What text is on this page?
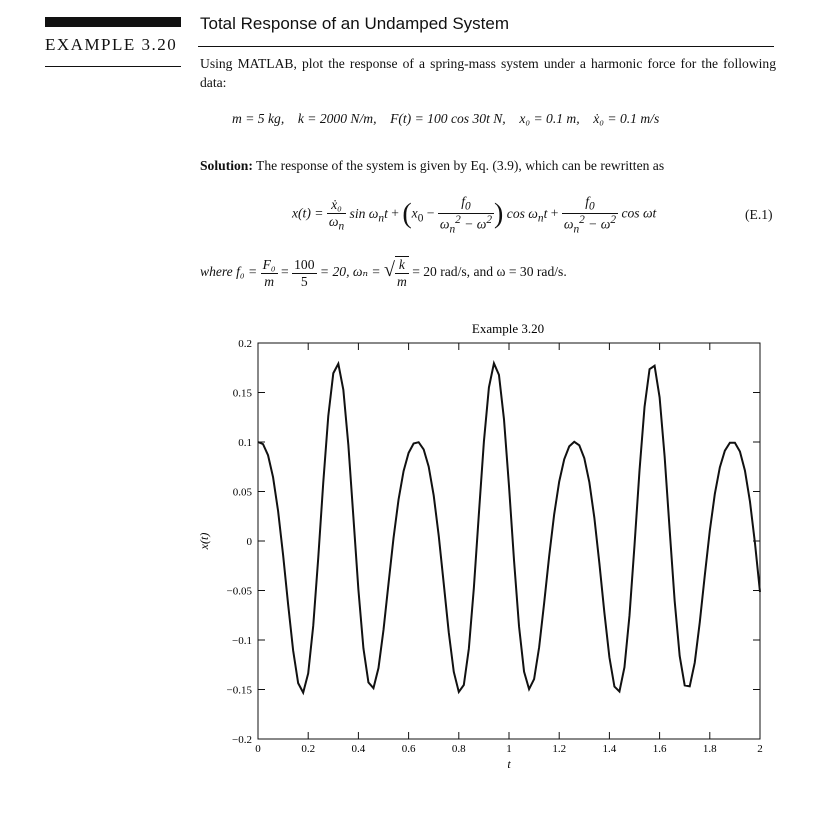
EXAMPLE 3.20
Total Response of an Undamped System
Using MATLAB, plot the response of a spring-mass system under a harmonic force for the following data:
m = 5 kg, k = 2000 N/m, F(t) = 100 cos 30t N, x₀ = 0.1 m, ẋ₀ = 0.1 m/s
Solution: The response of the system is given by Eq. (3.9), which can be rewritten as
$x(t) = \frac{\text{ẋ₀}}{\omega_n}$ $\sin \omega_nt + (x_0 - \frac{f_0}{\omega_n^2 - \omega^2}$ ) $\cos \omega_nt + \frac{f_0}{\omega_n^2 - \omega^2}$ cos ωt	(E.1)
where $f_0 = \frac{\text{F₀}}{m} = \frac{100}{5} = 20$, ωₙ = √ $\frac{k}{m} = 20$ rad/s, and ω = 30 rad/s.
Example 3.20
0	0.2	0.4	0.6	0.8	1	1.2	1.4	1.6	1.8	2
−0.2
−0.15
−0.1
−0.05
0
0.05
0.1
0.15
0.2
t
x(t)
